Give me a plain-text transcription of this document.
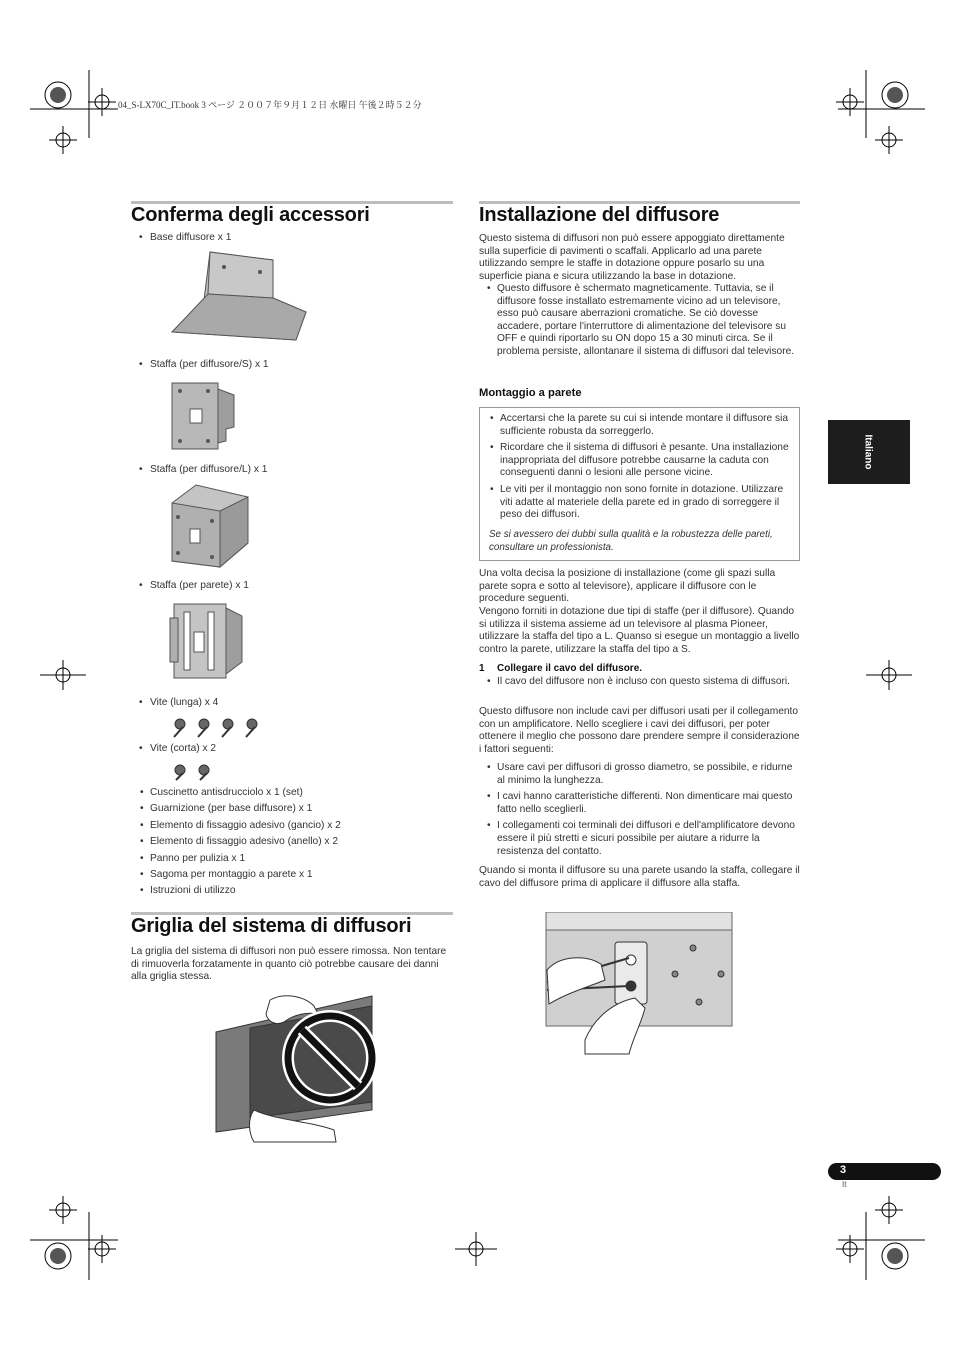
04_S-LX70C_IT.book 3 ページ ２００７年９月１２日 水曜日 午後２時５２分
Conferma degli accessori
• Base diffusore x 1
• Staffa (per diffusore/S) x 1
• Staffa (per diffusore/L) x 1
• Staffa (per parete) x 1
• Vite (lunga) x 4
• Vite (corta) x 2
• Cuscinetto antisdrucciolo x 1 (set)
• Guarnizione (per base diffusore) x 1
• Elemento di fissaggio adesivo (gancio) x 2
• Elemento di fissaggio adesivo (anello) x 2
• Panno per pulizia x 1
• Sagoma per montaggio a parete x 1
• Istruzioni di utilizzo
Griglia del sistema di diffusori
La griglia del sistema di diffusori non può essere rimossa. Non tentare di rimuoverla forzatamente in quanto ciò potrebbe causare dei danni alla griglia stessa.
Installazione del diffusore
Questo sistema di diffusori non può essere appoggiato direttamente sulla superficie di pavimenti o scaffali. Applicarlo ad una parete utilizzando sempre le staffe in dotazione oppure posarlo su una superficie piana e sicura utilizzando la base in dotazione.
• Questo diffusore è schermato magneticamente. Tuttavia, se il diffusore fosse installato estremamente vicino ad un televisore, esso può causare aberrazioni cromatiche. Se ciò dovesse accadere, portare l'interruttore di alimentazione del televisore su OFF e quindi riportarlo su ON dopo 15 a 30 minuti circa. Se il problema persiste, allontanare il sistema di diffusori dal televisore.
Montaggio a parete
• Accertarsi che la parete su cui si intende montare il diffusore sia sufficiente robusta da sorreggerlo.
• Ricordare che il sistema di diffusori è pesante. Una installazione inappropriata del diffusore potrebbe causarne la caduta con conseguenti danni o lesioni alle persone vicine.
• Le viti per il montaggio non sono fornite in dotazione. Utilizzare viti adatte al materiele della parete ed in grado di sorreggere il peso dei diffusori.
Se si avessero dei dubbi sulla qualità e la robustezza delle pareti, consultare un professionista.
Una volta decisa la posizione di installazione (come gli spazi sulla parete sopra e sotto al televisore), applicare il diffusore con le procedure seguenti.
Vengono forniti in dotazione due tipi di staffe (per il diffusore). Quando si utilizza il sistema assieme ad un televisore al plasma Pioneer, utilizzare la staffa del tipo a L. Quanso si esegue un montaggio a livello contro la parete, utilizzare la staffa del tipo a S.
1 Collegare il cavo del diffusore.
• Il cavo del diffusore non è incluso con questo sistema di diffusori.
Questo diffusore non include cavi per diffusori usati per il collegamento con un amplificatore. Nello scegliere i cavi dei diffusori, per poter ottenere il meglio che possono dare prendere sempre il considerazione i fattori seguenti:
• Usare cavi per diffusori di grosso diametro, se possibile, e ridurne al minimo la lunghezza.
• I cavi hanno caratteristiche differenti. Non dimenticare mai questo fatto nello sceglierli.
• I collegamenti coi terminali dei diffusori e dell'amplificatore devono essere il più stretti e sicuri possibile per aiutare a ridurre la resistenza del contatto.
Quando si monta il diffusore su una parete usando la staffa, collegare il cavo del diffusore prima di applicare il diffusore alla staffa.
Italiano
3
It
